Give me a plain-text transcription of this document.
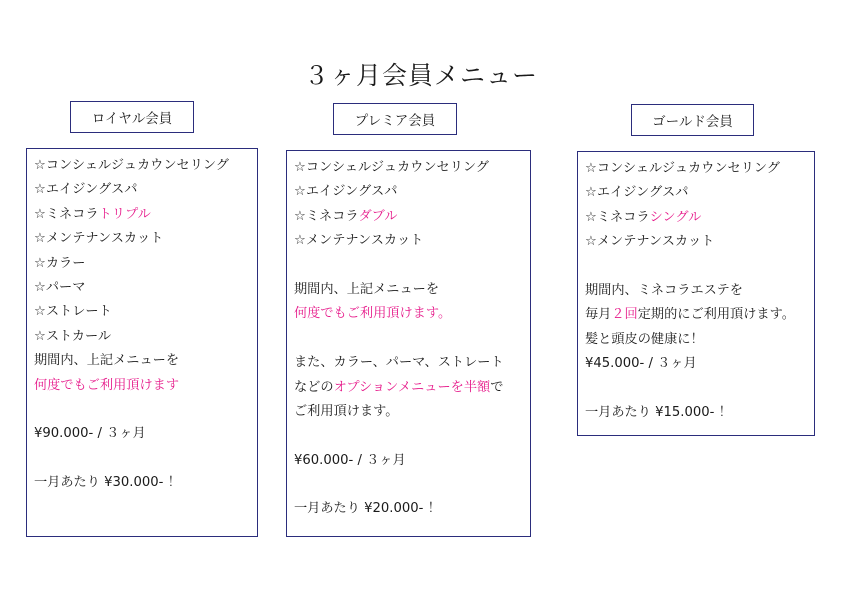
３ヶ月会員メニュー
ロイヤル会員
☆コンシェルジュカウンセリング
☆エイジングスパ
☆ミネコラトリプル
☆メンテナンスカット
☆カラー
☆パーマ
☆ストレート
☆ストカール
期間内、上記メニューを
何度でもご利用頂けます
¥90.000- / ３ヶ月
一月あたり ¥30.000- ！
プレミア会員
☆コンシェルジュカウンセリング
☆エイジングスパ
☆ミネコラダブル
☆メンテナンスカット
期間内、上記メニューを
何度でもご利用頂けます。
また、カラー、パーマ、ストレート
などのオプションメニューを半額で
ご利用頂けます。
¥60.000- / ３ヶ月
一月あたり ¥20.000- ！
ゴールド会員
☆コンシェルジュカウンセリング
☆エイジングスパ
☆ミネコラシングル
☆メンテナンスカット
期間内、ミネコラエステを
毎月２回定期的にご利用頂けます。
髪と頭皮の健康に！
¥45.000- / ３ヶ月
一月あたり ¥15.000- ！
